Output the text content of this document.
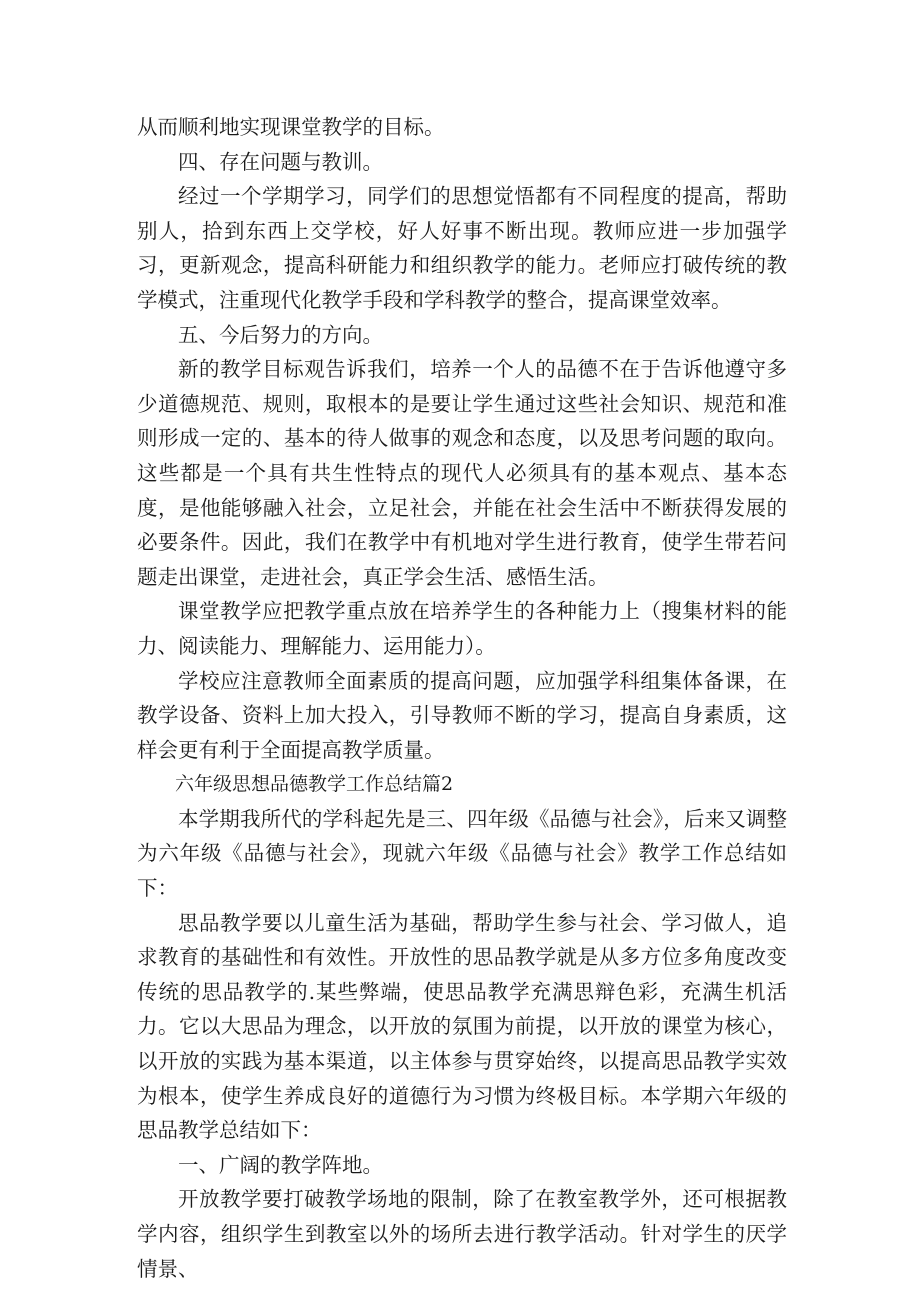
从而顺利地实现课堂教学的目标。

四、存在问题与教训。

经过一个学期学习，同学们的思想觉悟都有不同程度的提高，帮助别人，拾到东西上交学校，好人好事不断出现。教师应进一步加强学习，更新观念，提高科研能力和组织教学的能力。老师应打破传统的教学模式，注重现代化教学手段和学科教学的整合，提高课堂效率。

五、今后努力的方向。

新的教学目标观告诉我们，培养一个人的品德不在于告诉他遵守多少道德规范、规则，取根本的是要让学生通过这些社会知识、规范和准则形成一定的、基本的待人做事的观念和态度，以及思考问题的取向。这些都是一个具有共生性特点的现代人必须具有的基本观点、基本态度，是他能够融入社会，立足社会，并能在社会生活中不断获得发展的必要条件。因此，我们在教学中有机地对学生进行教育，使学生带若问题走出课堂，走进社会，真正学会生活、感悟生活。

课堂教学应把教学重点放在培养学生的各种能力上（搜集材料的能力、阅读能力、理解能力、运用能力）。

学校应注意教师全面素质的提高问题，应加强学科组集体备课，在教学设备、资料上加大投入，引导教师不断的学习，提高自身素质，这样会更有利于全面提高教学质量。

六年级思想品德教学工作总结篇2

本学期我所代的学科起先是三、四年级《品德与社会》，后来又调整为六年级《品德与社会》，现就六年级《品德与社会》教学工作总结如下：

思品教学要以儿童生活为基础，帮助学生参与社会、学习做人，追求教育的基础性和有效性。开放性的思品教学就是从多方位多角度改变传统的思品教学的.某些弊端，使思品教学充满思辩色彩，充满生机活力。它以大思品为理念，以开放的氛围为前提，以开放的课堂为核心，以开放的实践为基本渠道，以主体参与贯穿始终，以提高思品教学实效为根本，使学生养成良好的道德行为习惯为终极目标。本学期六年级的思品教学总结如下：

一、广阔的教学阵地。

开放教学要打破教学场地的限制，除了在教室教学外，还可根据教学内容，组织学生到教室以外的场所去进行教学活动。针对学生的厌学情景、
